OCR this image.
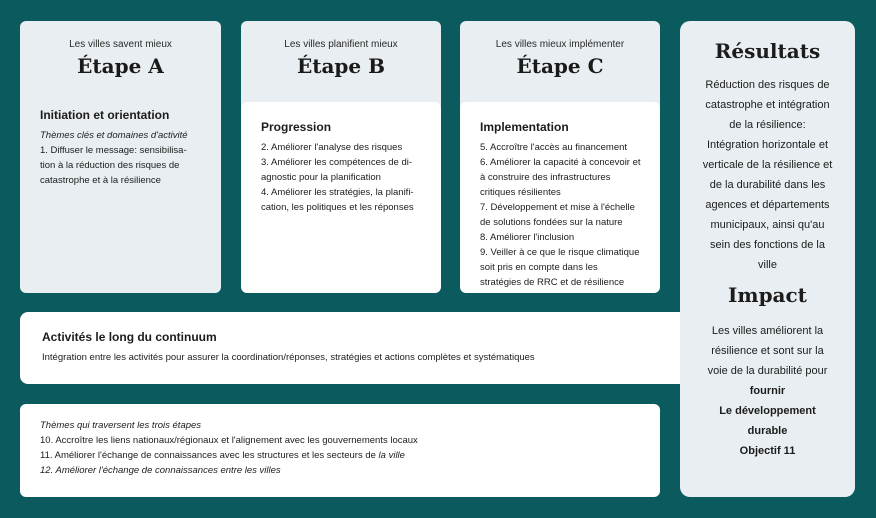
Les villes savent mieux
Étape A
Initiation et orientation
Thèmes clés et domaines d'activité
1. Diffuser le message: sensibilisa-
tion à la réduction des risques de
catastrophe et à la résilience
Les villes planifient mieux
Étape B
Progression
2. Améliorer l'analyse des risques
3. Améliorer les compétences de di-
agnostic pour la planification
4. Améliorer les stratégies, la planifi-
cation, les politiques et les réponses
Les villes mieux implémenter
Étape C
Implementation
5. Accroître l'accès au financement
6. Améliorer la capacité à concevoir et
à construire des infrastructures
critiques résilientes
7. Développement et mise à l'échelle
de solutions fondées sur la nature
8. Améliorer l'inclusion
9. Veiller à ce que le risque climatique
soit pris en compte dans les
stratégies de RRC et de résilience
Activités le long du continuum
Intégration entre les activités pour assurer la coordination/réponses, stratégies et actions complètes et systématiques
Thèmes qui traversent les trois étapes
10. Accroître les liens nationaux/régionaux et l'alignement avec les gouvernements locaux
11. Améliorer l'échange de connaissances avec les structures et les secteurs de la ville
12. Améliorer l'échange de connaissances entre les villes
Résultats
Réduction des risques de
catastrophe et intégration
de la résilience:
Intégration horizontale et
verticale de la résilience et
de la durabilité dans les
agences et départements
municipaux, ainsi qu'au
sein des fonctions de la
ville
Impact
Les villes améliorent la
résilience et sont sur la
voie de la durabilité pour
fournir
Le développement
durable
Objectif 11
